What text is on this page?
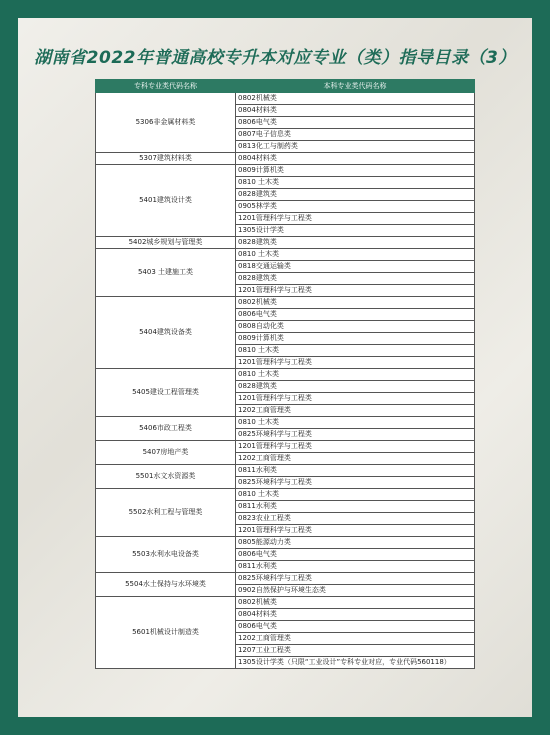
湖南省2022年普通高校专升本对应专业（类）指导目录（3）
专科专业类代码名称	本科专业类代码名称
5306非金属材料类	0802机械类
	0804材料类
	0806电气类
	0807电子信息类
	0813化工与制药类
5307建筑材料类	0804材料类
5401建筑设计类	0809计算机类
	0810 土木类
	0828建筑类
	0905林学类
	1201管理科学与工程类
	1305设计学类
5402城乡规划与管理类	0828建筑类
5403 土建施工类	0810 土木类
	0818交通运输类
	0828建筑类
	1201管理科学与工程类
5404建筑设备类	0802机械类
	0806电气类
	0808自动化类
	0809计算机类
	0810 土木类
	1201管理科学与工程类
5405建设工程管理类	0810 土木类
	0828建筑类
	1201管理科学与工程类
	1202工商管理类
5406市政工程类	0810 土木类
	0825环境科学与工程类
5407房地产类	1201管理科学与工程类
	1202工商管理类
5501水文水资源类	0811水利类
	0825环境科学与工程类
5502水利工程与管理类	0810 土木类
	0811水利类
	0823农业工程类
	1201管理科学与工程类
5503水利水电设备类	0805能源动力类
	0806电气类
	0811水利类
5504水土保持与水环境类	0825环境科学与工程类
	0902自然保护与环境生态类
5601机械设计制造类	0802机械类
	0804材料类
	0806电气类
	1202工商管理类
	1207工业工程类
	1305设计学类（只限“工业设计”专科专业对应，专业代码560118）
